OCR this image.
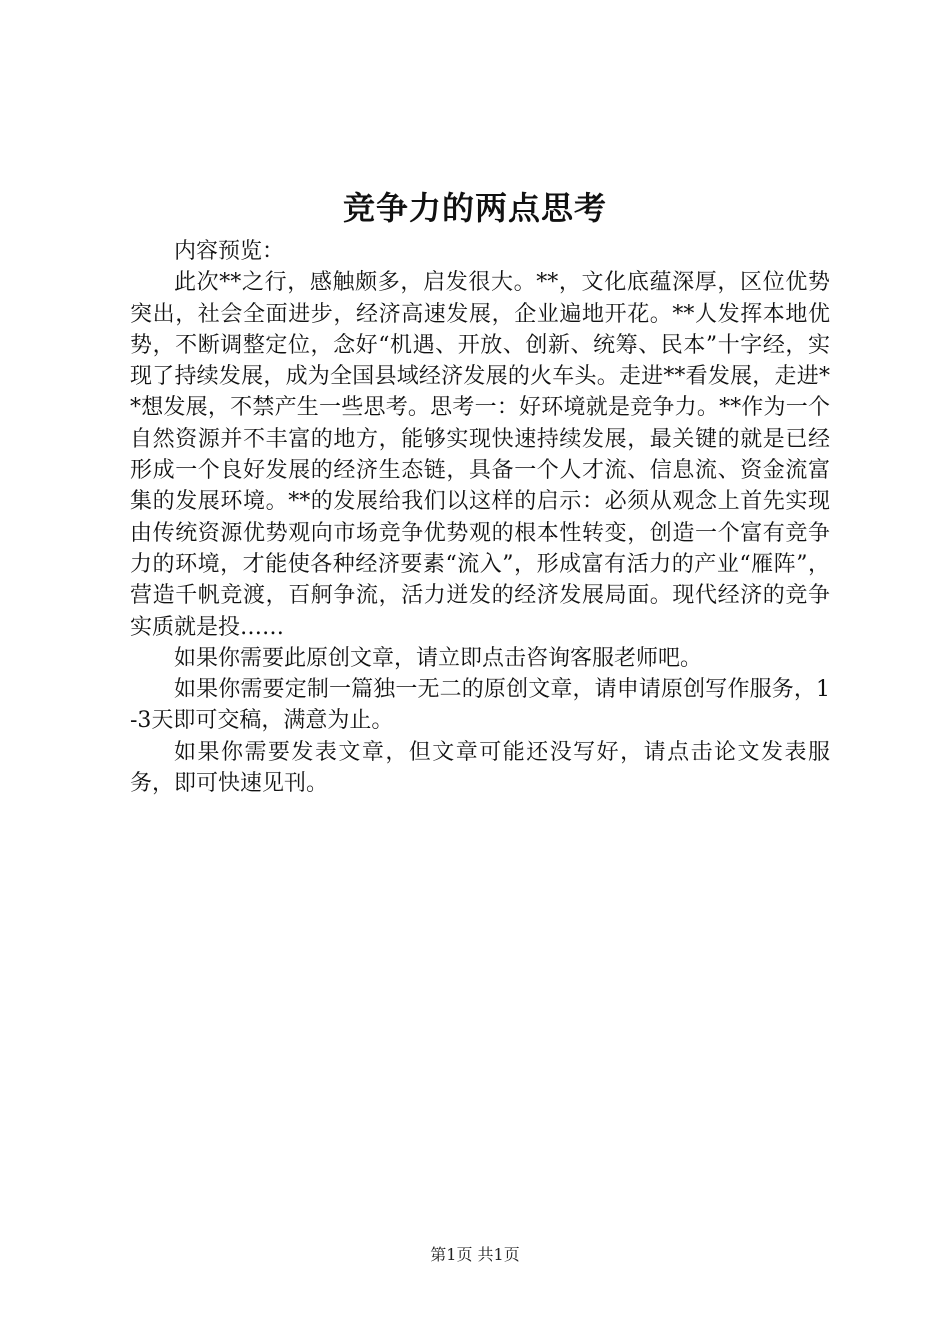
竞争力的两点思考

内容预览：

此次**之行，感触颇多，启发很大。**，文化底蕴深厚，区位优势突出，社会全面进步，经济高速发展，企业遍地开花。**人发挥本地优势，不断调整定位，念好“机遇、开放、创新、统筹、民本”十字经，实现了持续发展，成为全国县域经济发展的火车头。走进**看发展，走进**想发展，不禁产生一些思考。思考一：好环境就是竞争力。**作为一个自然资源并不丰富的地方，能够实现快速持续发展，最关键的就是已经形成一个良好发展的经济生态链，具备一个人才流、信息流、资金流富集的发展环境。**的发展给我们以这样的启示：必须从观念上首先实现由传统资源优势观向市场竞争优势观的根本性转变，创造一个富有竞争力的环境，才能使各种经济要素“流入”，形成富有活力的产业“雁阵”，营造千帆竞渡，百舸争流，活力迸发的经济发展局面。现代经济的竞争实质就是投……

如果你需要此原创文章，请立即点击咨询客服老师吧。

如果你需要定制一篇独一无二的原创文章，请申请原创写作服务，1-3天即可交稿，满意为止。

如果你需要发表文章，但文章可能还没写好，请点击论文发表服务，即可快速见刊。

第1页 共1页
